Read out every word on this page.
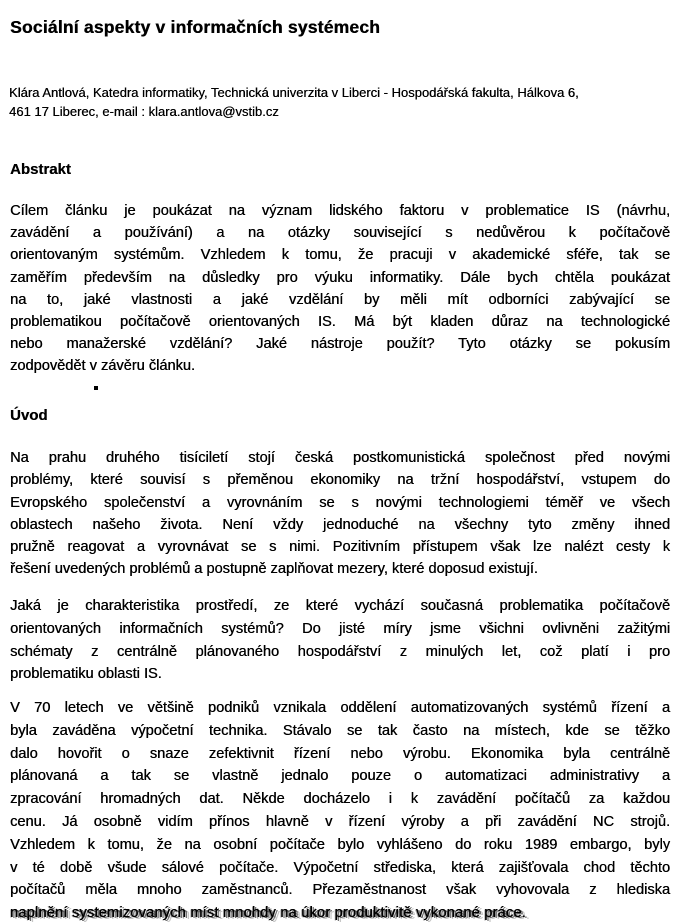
Sociální aspekty v informačních systémech
Klára Antlová, Katedra informatiky, Technická univerzita v Liberci - Hospodářská fakulta, Hálkova 6,
461 17 Liberec, e-mail : klara.antlova@vstib.cz
Abstrakt
Cílem článku je poukázat na význam lidského faktoru v problematice IS (návrhu,
zavádění a používání) a na otázky související s nedůvěrou k počítačově
orientovaným systémům. Vzhledem k tomu, že pracuji v akademické sféře, tak se
zaměřím především na důsledky pro výuku informatiky. Dále bych chtěla poukázat
na to, jaké vlastnosti a jaké vzdělání by měli mít odborníci zabývající se
problematikou počítačově orientovaných IS. Má být kladen důraz na technologické
nebo manažerské vzdělání? Jaké nástroje použít? Tyto otázky se pokusím
zodpovědět v závěru článku.
Úvod
Na prahu druhého tisíciletí stojí česká postkomunistická společnost před novými
problémy, které souvisí s přeměnou ekonomiky na tržní hospodářství, vstupem do
Evropského společenství a vyrovnáním se s novými technologiemi téměř ve všech
oblastech našeho života. Není vždy jednoduché na všechny tyto změny ihned
pružně reagovat a vyrovnávat se s nimi. Pozitivním přístupem však lze nalézt cesty k
řešení uvedených problémů a postupně zaplňovat mezery, které doposud existují.
Jaká je charakteristika prostředí, ze které vychází současná problematika počítačově
orientovaných informačních systémů? Do jisté míry jsme všichni ovlivněni zažitými
schématy z centrálně plánovaného hospodářství z minulých let, což platí i pro
problematiku oblasti IS.
V 70 letech ve většině podniků vznikala oddělení automatizovaných systémů řízení a
byla zaváděna výpočetní technika. Stávalo se tak často na místech, kde se těžko
dalo hovořit o snaze zefektivnit řízení nebo výrobu. Ekonomika byla centrálně
plánovaná a tak se vlastně jednalo pouze o automatizaci administrativy a
zpracování hromadných dat. Někde docházelo i k zavádění počítačů za každou
cenu. Já osobně vidím přínos hlavně v řízení výroby a při zavádění NC strojů.
Vzhledem k tomu, že na osobní počítače bylo vyhlášeno do roku 1989 embargo, byly
v té době všude sálové počítače. Výpočetní střediska, která zajišťovala chod těchto
počítačů měla mnoho zaměstnanců. Přezaměstnanost však vyhovovala z hlediska
naplnění systemizovaných míst mnohdy na úkor produktivitě vykonané práce.
